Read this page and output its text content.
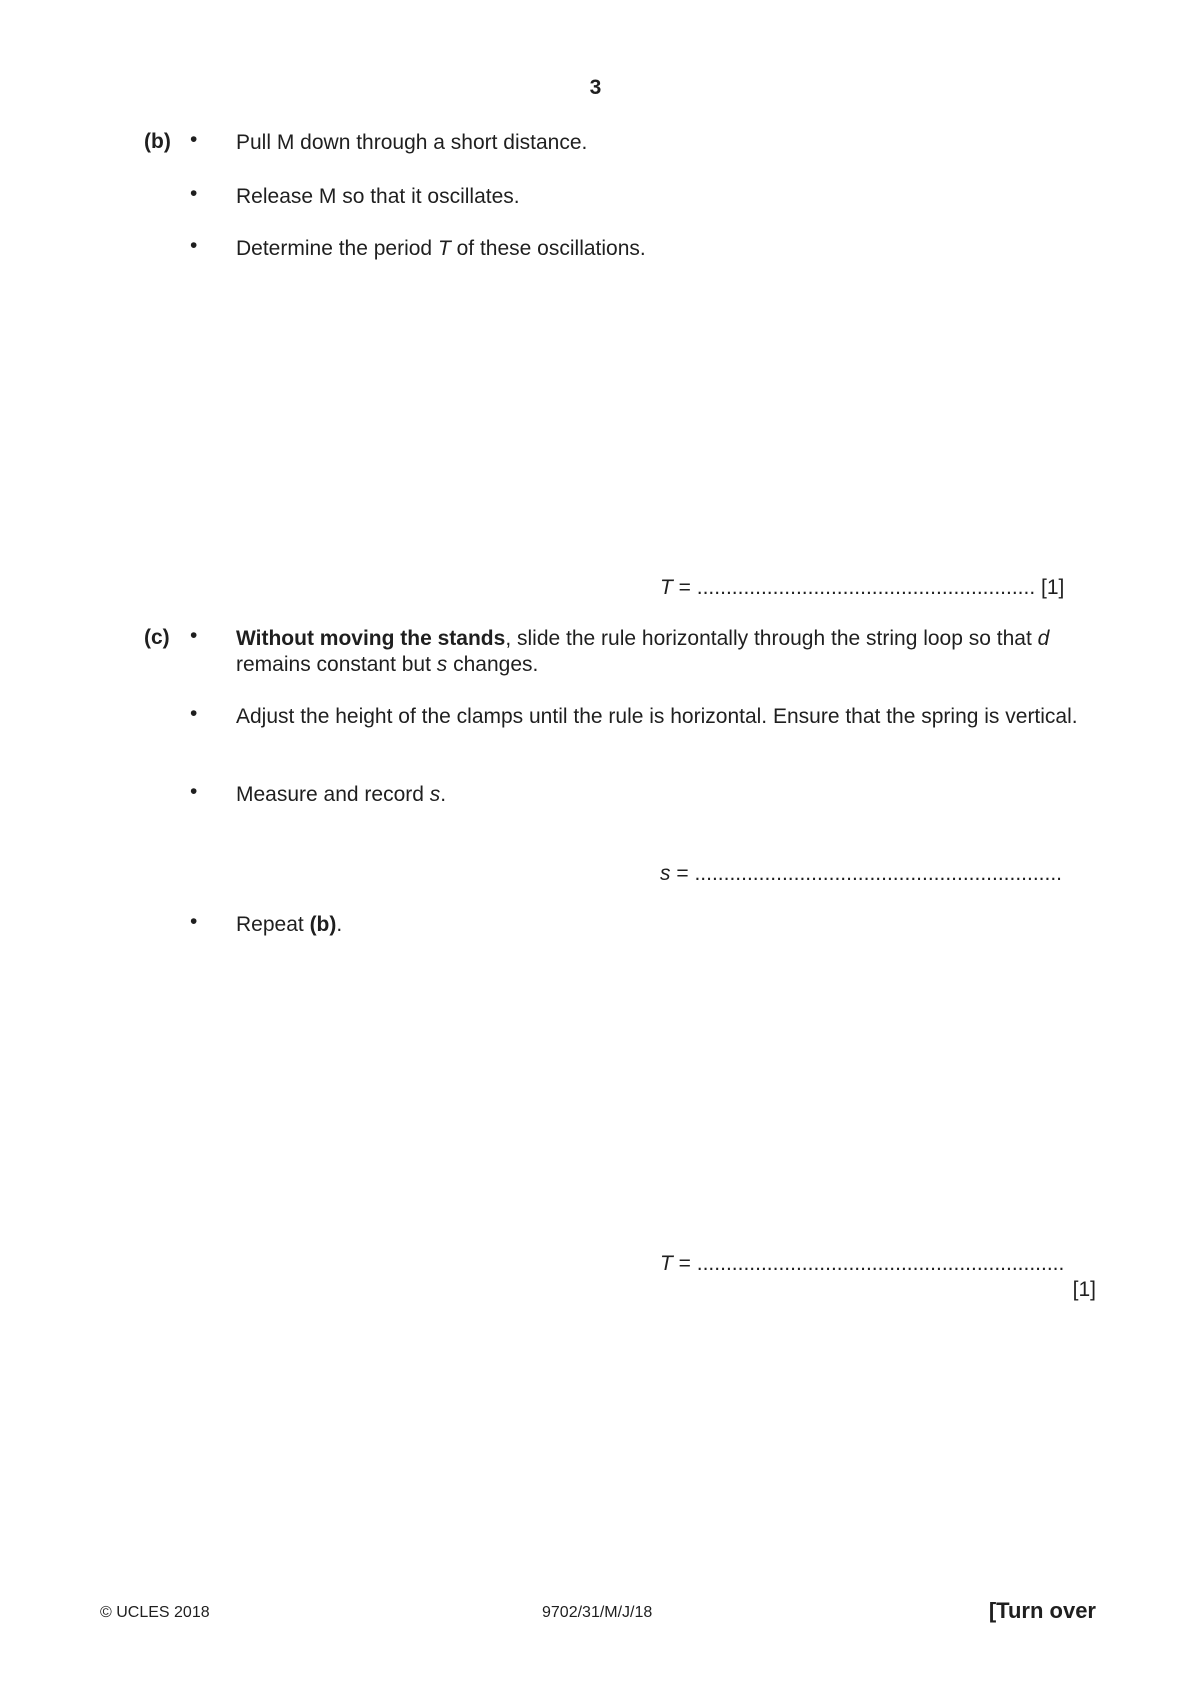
3
(b) • Pull M down through a short distance.
• Release M so that it oscillates.
• Determine the period T of these oscillations.
T = .......................................................... [1]
(c) • Without moving the stands, slide the rule horizontally through the string loop so that d
remains constant but s changes.
• Adjust the height of the clamps until the rule is horizontal. Ensure that the spring is vertical.
• Measure and record s.
s = ...............................................................
• Repeat (b).
T = ...............................................................
[1]
© UCLES 2018	9702/31/M/J/18	[Turn over
